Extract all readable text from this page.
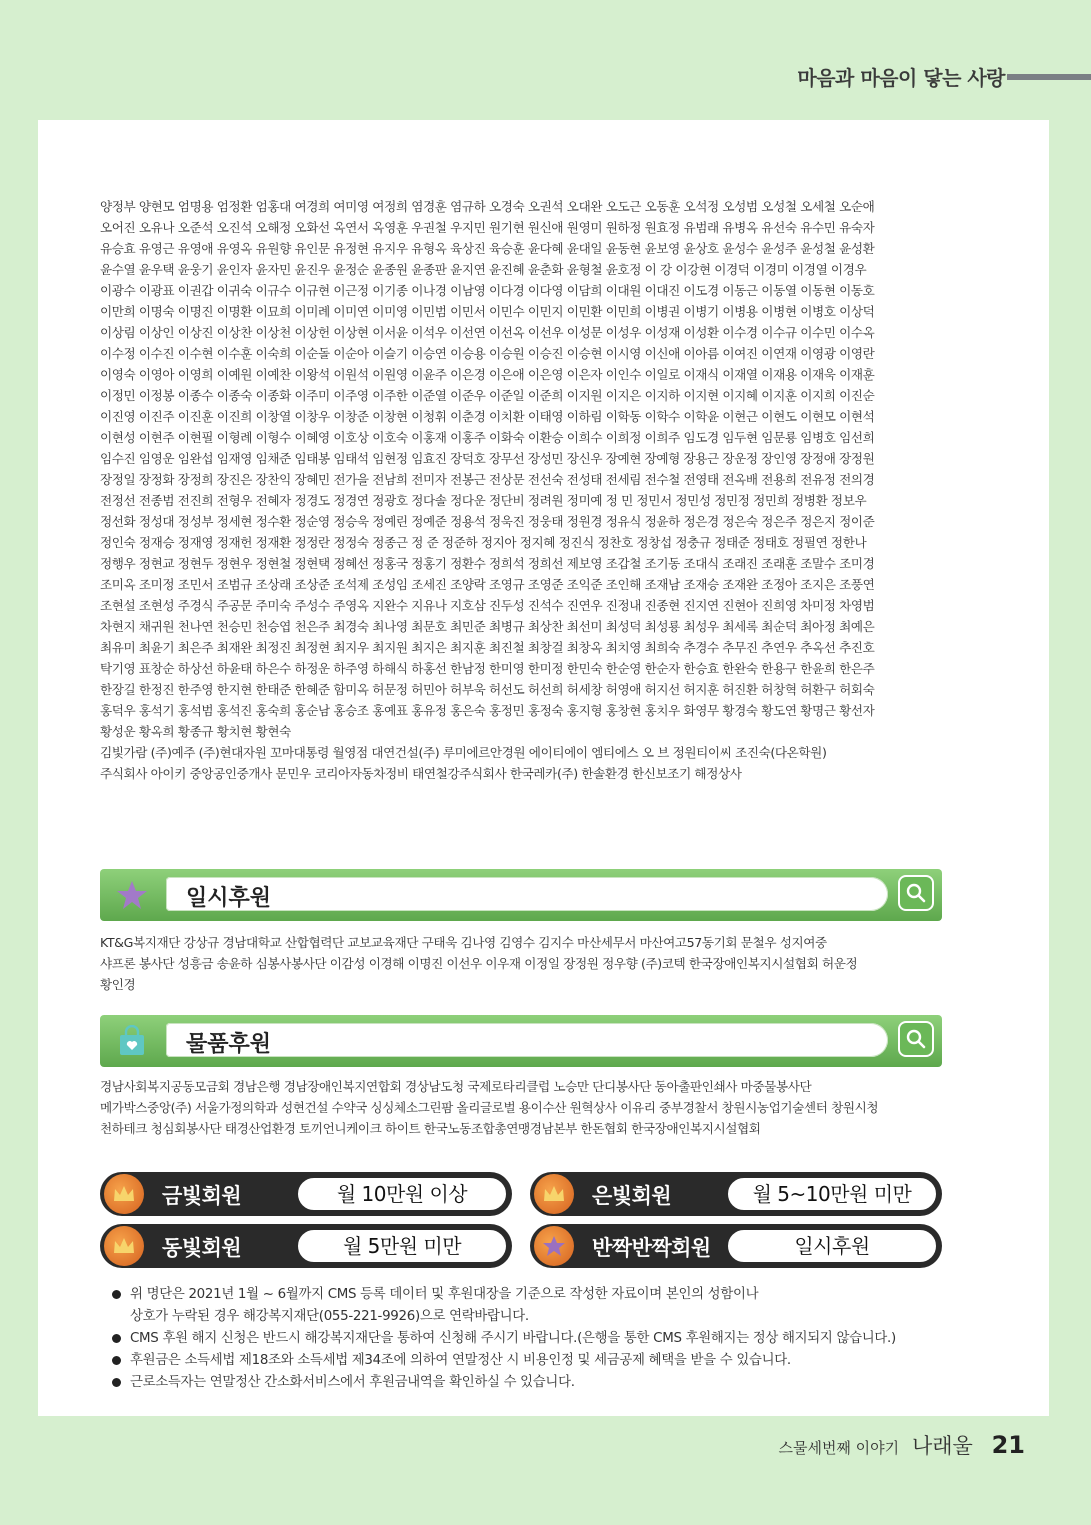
마음과 마음이 닿는 사랑

양정부 양현모 엄명용 엄정환 엄홍대 여경희 여미영 여정희 염경훈 염규하 오경숙 오권석 오대완 오도근 오동훈 오석정 오성범 오성철 오세철 오순애

오어진 오유나 오준석 오진석 오해정 오화선 옥연서 옥영훈 우권철 우지민 원기현 원신애 원영미 원하정 원효정 유범래 유병옥 유선숙 유수민 유숙자

유승효 유영근 유영애 유영옥 유원향 유인문 유정현 유지우 유형옥 육상진 육승훈 윤다혜 윤대일 윤동현 윤보영 윤상호 윤성수 윤성주 윤성철 윤성환

윤수열 윤우택 윤웅기 윤인자 윤자민 윤진우 윤정순 윤종원 윤종판 윤지연 윤진혜 윤춘화 윤형철 윤호정 이 강 이강현 이경덕 이경미 이경열 이경우

이광수 이광표 이권갑 이귀숙 이규수 이규현 이근정 이기종 이나경 이남영 이다경 이다영 이담희 이대원 이대진 이도경 이동근 이동열 이동현 이동호

이만희 이명숙 이명진 이명환 이묘희 이미례 이미연 이미영 이민범 이민서 이민수 이민지 이민환 이민희 이병권 이병기 이병용 이병현 이병호 이상덕

이상림 이상인 이상진 이상찬 이상천 이상헌 이상현 이서윤 이석우 이선연 이선옥 이선우 이성문 이성우 이성재 이성환 이수경 이수규 이수민 이수옥

이수정 이수진 이수현 이수훈 이숙희 이순돌 이순아 이슬기 이승연 이승용 이승원 이승진 이승현 이시영 이신애 이아름 이여진 이연재 이영광 이영란

이영숙 이영아 이영희 이예원 이예찬 이왕석 이원석 이원영 이윤주 이은경 이은애 이은영 이은자 이인수 이일로 이재식 이재열 이재용 이재욱 이재훈

이정민 이정봉 이종수 이종숙 이종화 이주미 이주영 이주한 이준열 이준우 이준일 이준희 이지원 이지은 이지하 이지현 이지혜 이지훈 이지희 이진순

이진영 이진주 이진훈 이진희 이창열 이창우 이창준 이창현 이청휘 이춘경 이치환 이태영 이하림 이학동 이학수 이학윤 이현근 이현도 이현모 이현석

이현성 이현주 이현필 이형례 이형수 이혜영 이호상 이호숙 이홍재 이홍주 이화숙 이환승 이희수 이희정 이희주 임도경 임두현 임문룡 임병호 임선희

임수진 임영운 임완섭 임재영 임채준 임태봉 임태석 임현정 임효진 장덕호 장무선 장성민 장신우 장예현 장예형 장용근 장운정 장인영 장정애 장정원

장정일 장정화 장정희 장진은 장찬익 장혜민 전가을 전남희 전미자 전봉근 전상문 전선숙 전성태 전세림 전수철 전영태 전옥배 전용희 전유정 전의경

전정선 전종범 전진희 전형우 전혜자 정경도 정경연 정광호 정다솔 정다운 정단비 정려원 정미예 정 민 정민서 정민성 정민정 정민희 정병환 정보우

정선화 정성대 정성부 정세현 정수환 정순영 정승욱 정예린 정예준 정용석 정욱진 정웅태 정원경 정유식 정윤하 정은경 정은숙 정은주 정은지 정이준

정인숙 정재승 정재영 정재헌 정재환 정정란 정정숙 정종근 정 준 정준하 정지아 정지혜 정진식 정찬호 정창섭 정충규 정태준 정태호 정필연 정한나

정행우 정현교 정현두 정현우 정현철 정현택 정혜선 정홍국 정홍기 정환수 정희석 정희선 제보영 조갑철 조기동 조대식 조래진 조래훈 조말수 조미경

조미옥 조미정 조민서 조범규 조상래 조상준 조석제 조성임 조세진 조양락 조영규 조영준 조익준 조인해 조재남 조재승 조재완 조정아 조지은 조풍연

조현설 조현성 주경식 주공문 주미숙 주성수 주영옥 지완수 지유나 지호삼 진두성 진석수 진연우 진정내 진종현 진지연 진현아 진희영 차미정 차영범

차현지 채귀원 천나연 천승민 천승엽 천은주 최경숙 최나영 최문호 최민준 최병규 최상찬 최선미 최성덕 최성룡 최성우 최세록 최순덕 최아정 최예은

최유미 최윤기 최은주 최재완 최정진 최정현 최지우 최지원 최지은 최지훈 최진철 최창걸 최창옥 최치영 최희숙 추경수 추무진 추연우 추옥선 추진호

탁기영 표창순 하상선 하윤태 하은수 하정운 하주영 하해식 하홍선 한남정 한미영 한미정 한민숙 한순영 한순자 한승효 한완숙 한용구 한윤희 한은주

한장길 한정진 한주영 한지현 한태준 한혜준 함미옥 허문정 허민아 허부욱 허선도 허선희 허세창 허영애 허지선 허지훈 허진환 허창혁 허환구 허회숙

홍덕우 홍석기 홍석범 홍석진 홍숙희 홍순남 홍승조 홍예표 홍유정 홍은숙 홍정민 홍정숙 홍지형 홍창현 홍치우 화영무 황경숙 황도연 황명근 황선자

황성운 황옥희 황종규 황치현 황현숙

김빛가람 (주)예주 (주)현대자원 꼬마대통령 월영점 대연건설(주) 루미에르안경원 에이티에이 엠티에스 오 브 정원티이씨 조진숙(다온학원)

주식회사 아이키 중앙공인중개사 문민우 코리아자동차정비 태연철강주식회사 한국레카(주) 한솔환경 한신보조기 해정상사

일시후원

KT&G복지재단 강상규 경남대학교 산합협력단 교보교육재단 구태욱 김나영 김영수 김지수 마산세무서 마산여고57동기회 문철우 성지여중

샤프론 봉사단 성흥금 송윤하 심봉사봉사단 이감성 이경해 이명진 이선우 이우재 이정일 장정원 정우향 (주)코텍 한국장애인복지시설협회 허운정

황인경

물품후원

경남사회복지공동모금회 경남은행 경남장애인복지연합회 경상남도청 국제로타리클럽 노승만 단디봉사단 동아출판인쇄사 마중물봉사단

메가박스중앙(주) 서울가정의학과 성현건설 수약국 싱싱체소그린팜 올리글로벌 용이수산 원혁상사 이유리 중부경찰서 창원시농업기술센터 창원시청

천하테크 청심회봉사단 태경산업환경 토끼언니케이크 하이트 한국노동조합총연맹경남본부 한돈협회 한국장애인복지시설협회

금빛회원	월 10만원 이상	은빛회원	월 5~10만원 미만
동빛회원	월 5만원 미만	반짝반짝회원	일시후원
위 명단은 2021년 1월 ~ 6월까지 CMS 등록 데이터 및 후원대장을 기준으로 작성한 자료이며 본인의 성함이나
상호가 누락된 경우 해강복지재단(055-221-9926)으로 연락바랍니다.
CMS 후원 해지 신청은 반드시 해강복지재단을 통하여 신청해 주시기 바랍니다.(은행을 통한 CMS 후원해지는 정상 해지되지 않습니다.)
후원금은 소득세법 제18조와 소득세법 제34조에 의하여 연말정산 시 비용인정 및 세금공제 혜택을 받을 수 있습니다.
근로소득자는 연말정산 간소화서비스에서 후원금내역을 확인하실 수 있습니다.
스물세번째 이야기 나래울 21
